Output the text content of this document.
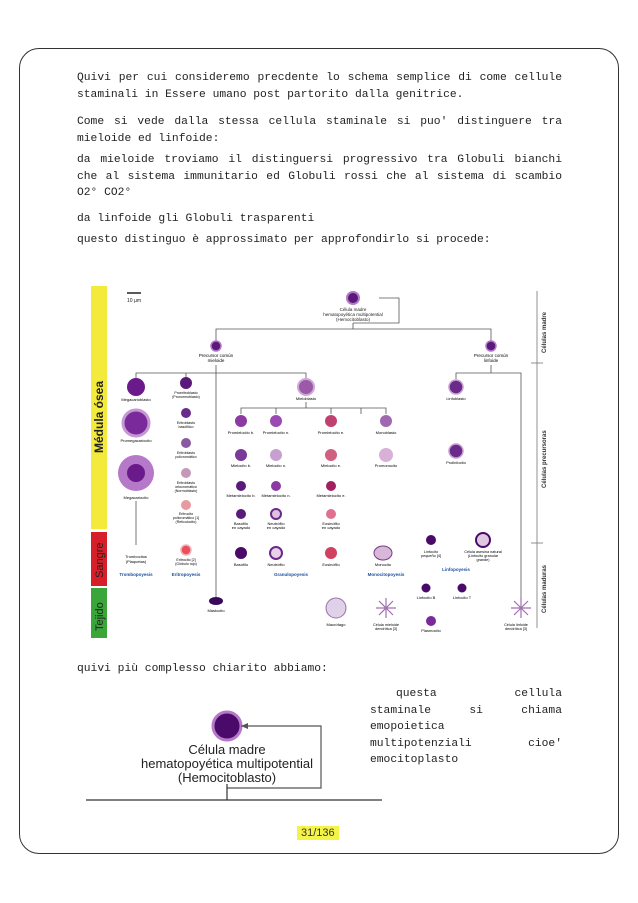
Quivi per cui consideremo precdente lo schema semplice di come cellule staminali in Essere umano post partorito dalla genitrice.

Come si vede dalla stessa cellula staminale si puo' distinguere tra mieloide ed linfoide:

da mieloide troviamo il distinguersi progressivo tra Globuli bianchi che al sistema immunitario ed Globuli rossi che al sistema di scambio O2° CO2°

da linfoide gli Globuli trasparenti

questo distinguo è approssimato per approfondirlo si procede:

Médula ósea
Sangre
Tejido
Células madre
Células precursoras
Células maduras
10 µm
Célula madre
hematopoyética multipotential
(Hemocitoblasto)
Precursor común
mieloide
Precursor común
linfoide
Megacarioblasto
Promegacariocito
Megacariocito
Trombocitos
(Plaquetas)
Proeritroblasto
(Pronormoblasto)
Eritroblasto
basófilico
Eritroblasto
policromático
Eritroblasto
ortocromático
(Normoblasto)
Eritrocito
policromático [1]
(Reticulocito)
Eritrocito [2]
(Glóbulo rojo)
Mieloblasto
Promielocito b. Promielocito n.	Promielocito e.	Monoblasto
Mielocito b.	Mielocito n.	Mielocito e.	Promonocito
Metamielocito b. Metamielocito n.	Metamielocito e.
Basófilo
en cayado
Neutrófilo
en cayado
Eosinófilo
en cayado
Basófilo	Neutrófilo	Eosinófilo	Monocito
Linfoblasto
Prolinfocito
Linfocito
pequeño [4]
Célula asesina natural
(Linfocito granular
grande)
Linfocito B	Linfocito T
Plasmocito
Mastocito
Macrófago	Célula mieloide
dendrítica [3]
Célula linfoide
dendrítica [3]
Trombopoyesis	Eritropoyesis	Granulopoyesis	Monocitopoyesis
Linfopoyesis

quivi più complesso chiarito abbiamo:

questa	cellula
staminale	si	chiama
emopoietica
multipotenziali	cioe'
emocitoplasto
Célula madre
hematopoyética multipotential
(Hemocitoblasto)
31/136
